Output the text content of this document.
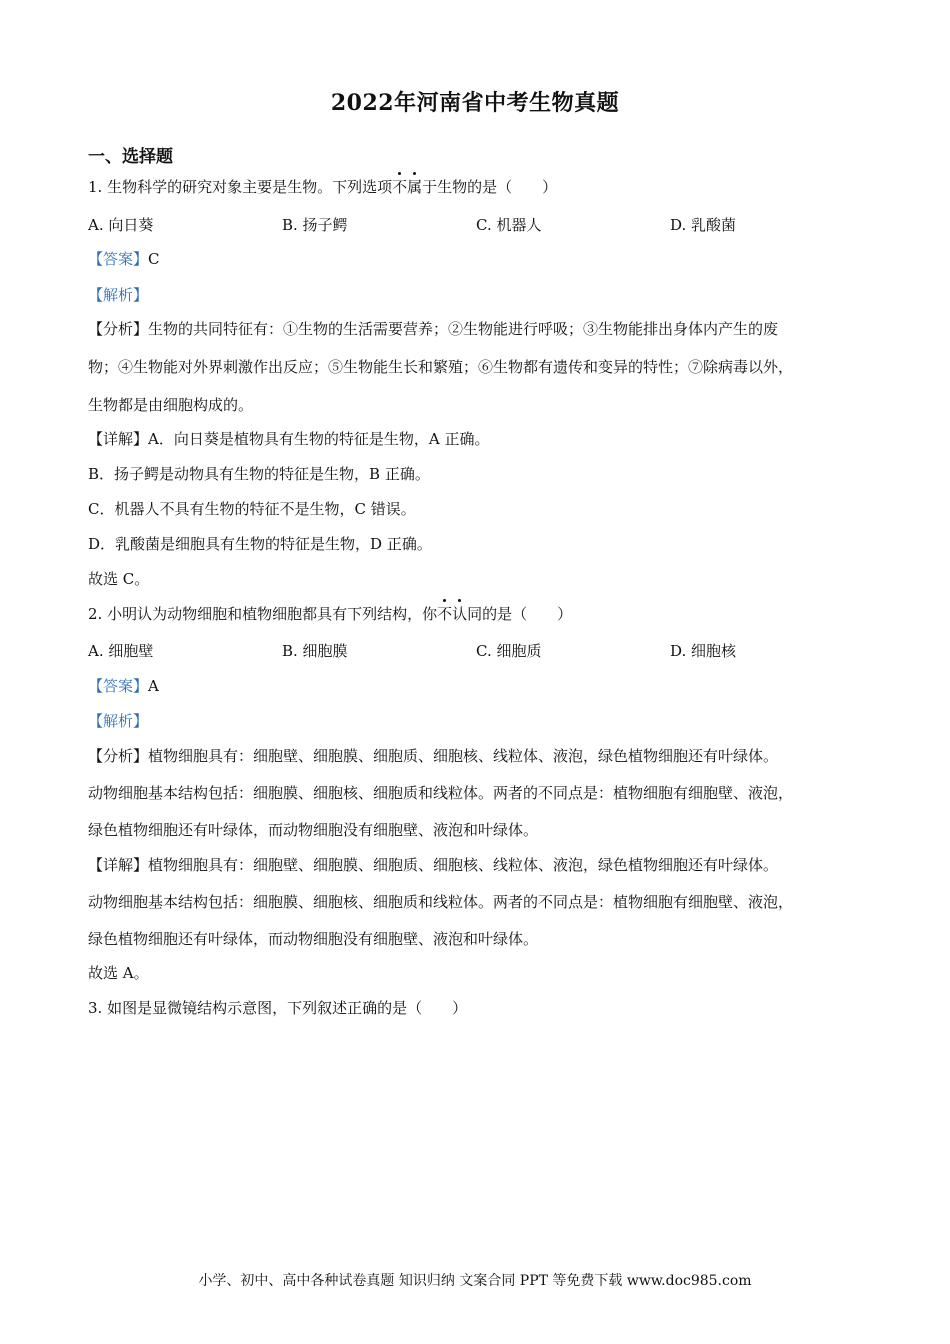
2022年河南省中考生物真题
一、选择题
1. 生物科学的研究对象主要是生物。下列选项不属于生物的是（　　）
A. 向日葵	B. 扬子鳄	C. 机器人	D. 乳酸菌
【答案】C
【解析】
【分析】生物的共同特征有：①生物的生活需要营养；②生物能进行呼吸；③生物能排出身体内产生的废
物；④生物能对外界刺激作出反应；⑤生物能生长和繁殖；⑥生物都有遗传和变异的特性；⑦除病毒以外，
生物都是由细胞构成的。
【详解】A．向日葵是植物具有生物的特征是生物，A 正确。
B．扬子鳄是动物具有生物的特征是生物，B 正确。
C．机器人不具有生物的特征不是生物，C 错误。
D．乳酸菌是细胞具有生物的特征是生物，D 正确。
故选 C。
2. 小明认为动物细胞和植物细胞都具有下列结构，你不认同的是（　　）
A. 细胞壁	B. 细胞膜	C. 细胞质	D. 细胞核
【答案】A
【解析】
【分析】植物细胞具有：细胞壁、细胞膜、细胞质、细胞核、线粒体、液泡，绿色植物细胞还有叶绿体。
动物细胞基本结构包括：细胞膜、细胞核、细胞质和线粒体。两者的不同点是：植物细胞有细胞壁、液泡，
绿色植物细胞还有叶绿体，而动物细胞没有细胞壁、液泡和叶绿体。
【详解】植物细胞具有：细胞壁、细胞膜、细胞质、细胞核、线粒体、液泡，绿色植物细胞还有叶绿体。
动物细胞基本结构包括：细胞膜、细胞核、细胞质和线粒体。两者的不同点是：植物细胞有细胞壁、液泡，
绿色植物细胞还有叶绿体，而动物细胞没有细胞壁、液泡和叶绿体。
故选 A。
3. 如图是显微镜结构示意图，下列叙述正确的是（　　）
小学、初中、高中各种试卷真题 知识归纳 文案合同 PPT 等免费下载 www.doc985.com
